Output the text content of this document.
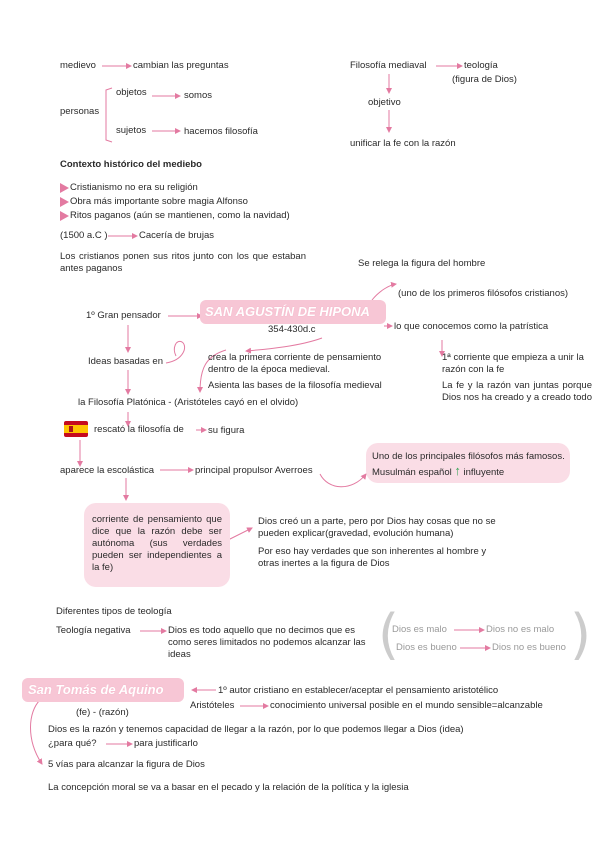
medievo	cambian las preguntas
personas
objetos	somos
sujetos	hacemos filosofía
Filosofía mediaval	teología
(figura de Dios)
objetivo
unificar la fe con la razón
Contexto histórico del mediebo
Cristianismo no era su religión
Obra más importante sobre magia Alfonso
Ritos paganos (aún se mantienen, como la navidad)
(1500 a.C )	Cacería de brujas
Los cristianos ponen sus ritos junto con los que estaban antes paganos
SAN AGUSTÍN DE HIPONA
354-430d.c
Se relega la figura del hombre
(uno de los primeros filósofos cristianos)
lo que conocemos como la patrística
1ª corriente que empieza a unir la razón con la fe
La fe y la razón van juntas porque Dios nos ha creado y a creado todo
1º Gran pensador
Ideas basadas en	crea la primera corriente de pensamiento dentro de la época medieval.
Asienta las bases de la filosofía medieval
la Filosofía Platónica - (Aristóteles cayó en el olvido)
rescató la filosofía de	su figura
aparece la escolástica	principal propulsor Averroes
Uno de los principales filósofos más famosos. Musulmán español ↑ influyente
corriente de pensamiento que dice que la razón debe ser autónoma (sus verdades pueden ser independientes a la fe)
Dios creó un a parte, pero por Dios hay cosas que no se pueden explicar(gravedad, evolución humana)
Por eso hay verdades que son inherentes al hombre y otras inertes a la figura de Dios
Diferentes tipos de teología
Teología negativa	Dios es todo aquello que no decimos que es como seres limitados no podemos alcanzar las ideas	(	)
Dios es malo	Dios no es malo
Dios es bueno	Dios no es bueno
San Tomás de Aquino	1º autor cristiano en establecer/aceptar el pensamiento aristotélico
Aristóteles	conocimiento universal posible en el mundo sensible=alcanzable
(fe) - (razón)
Dios es la razón y tenemos capacidad de llegar a la razón, por lo que podemos llegar a Dios (idea)
¿para qué?	para justificarlo
5 vías para alcanzar la figura de Dios
La concepción moral se va a basar en el pecado y la relación de la política y la iglesia
